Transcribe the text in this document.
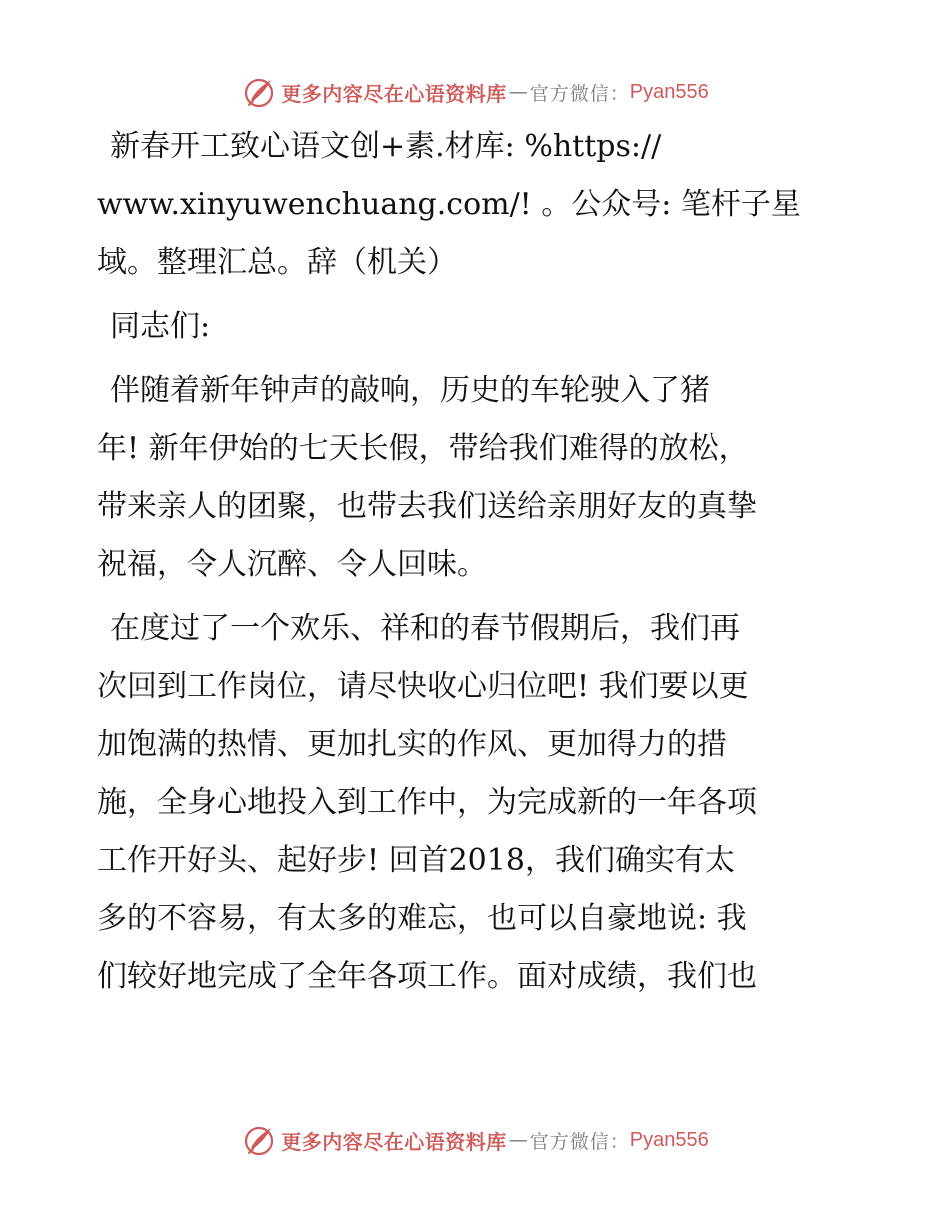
更多内容尽在心语资料库 — 官方微信： Pyan556

新春开工致心语文创+素.材库: %https://
www.xinyuwenchuang.com/! 。公众号: 笔杆子星
域。整理汇总。辞（机关）

同志们:

伴随着新年钟声的敲响，历史的车轮驶入了猪
年! 新年伊始的七天长假，带给我们难得的放松，
带来亲人的团聚，也带去我们送给亲朋好友的真挚
祝福，令人沉醉、令人回味。

在度过了一个欢乐、祥和的春节假期后，我们再
次回到工作岗位，请尽快收心归位吧! 我们要以更
加饱满的热情、更加扎实的作风、更加得力的措
施，全身心地投入到工作中，为完成新的一年各项
工作开好头、起好步! 回首2018，我们确实有太
多的不容易，有太多的难忘，也可以自豪地说: 我
们较好地完成了全年各项工作。面对成绩，我们也

更多内容尽在心语资料库 — 官方微信： Pyan556
